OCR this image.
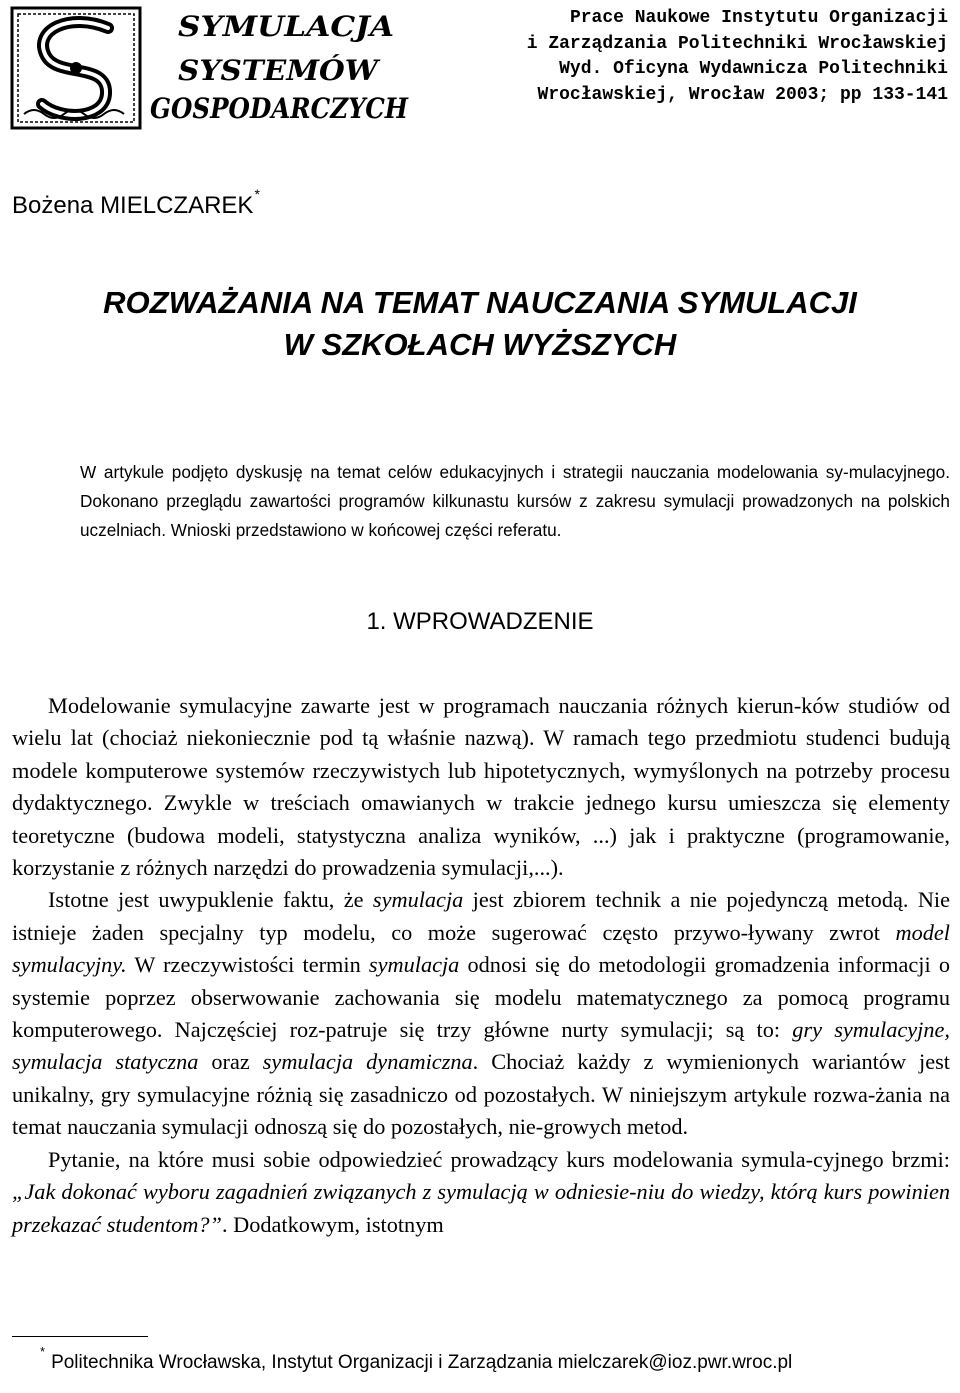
SYMULACJA
SYSTEMÓW
GOSPODARCZYCH
Prace Naukowe Instytutu Organizacji
i Zarządzania Politechniki Wrocławskiej
Wyd. Oficyna Wydawnicza Politechniki
Wrocławskiej, Wrocław 2003; pp 133-141
Bożena MIELCZAREK*
ROZWAŻANIA NA TEMAT NAUCZANIA SYMULACJI
W SZKOŁACH WYŻSZYCH
W artykule podjęto dyskusję na temat celów edukacyjnych i strategii nauczania modelowania sy-mulacyjnego. Dokonano przeglądu zawartości programów kilkunastu kursów z zakresu symulacji prowadzonych na polskich uczelniach. Wnioski przedstawiono w końcowej części referatu.
1. WPROWADZENIE

Modelowanie symulacyjne zawarte jest w programach nauczania różnych kierun-ków studiów od wielu lat (chociaż niekoniecznie pod tą właśnie nazwą). W ramach tego przedmiotu studenci budują modele komputerowe systemów rzeczywistych lub hipotetycznych, wymyślonych na potrzeby procesu dydaktycznego. Zwykle w treściach omawianych w trakcie jednego kursu umieszcza się elementy teoretyczne (budowa modeli, statystyczna analiza wyników, ...) jak i praktyczne (programowanie, korzystanie z różnych narzędzi do prowadzenia symulacji,...).

Istotne jest uwypuklenie faktu, że symulacja jest zbiorem technik a nie pojedynczą metodą. Nie istnieje żaden specjalny typ modelu, co może sugerować często przywo-ływany zwrot model symulacyjny. W rzeczywistości termin symulacja odnosi się do metodologii gromadzenia informacji o systemie poprzez obserwowanie zachowania się modelu matematycznego za pomocą programu komputerowego. Najczęściej roz-patruje się trzy główne nurty symulacji; są to: gry symulacyjne, symulacja statyczna oraz symulacja dynamiczna. Chociaż każdy z wymienionych wariantów jest unikalny, gry symulacyjne różnią się zasadniczo od pozostałych. W niniejszym artykule rozwa-żania na temat nauczania symulacji odnoszą się do pozostałych, nie-growych metod.

Pytanie, na które musi sobie odpowiedzieć prowadzący kurs modelowania symula-cyjnego brzmi: „Jak dokonać wyboru zagadnień związanych z symulacją w odniesie-niu do wiedzy, którą kurs powinien przekazać studentom?”. Dodatkowym, istotnym

*Politechnika Wrocławska, Instytut Organizacji i Zarządzania mielczarek@ioz.pwr.wroc.pl
